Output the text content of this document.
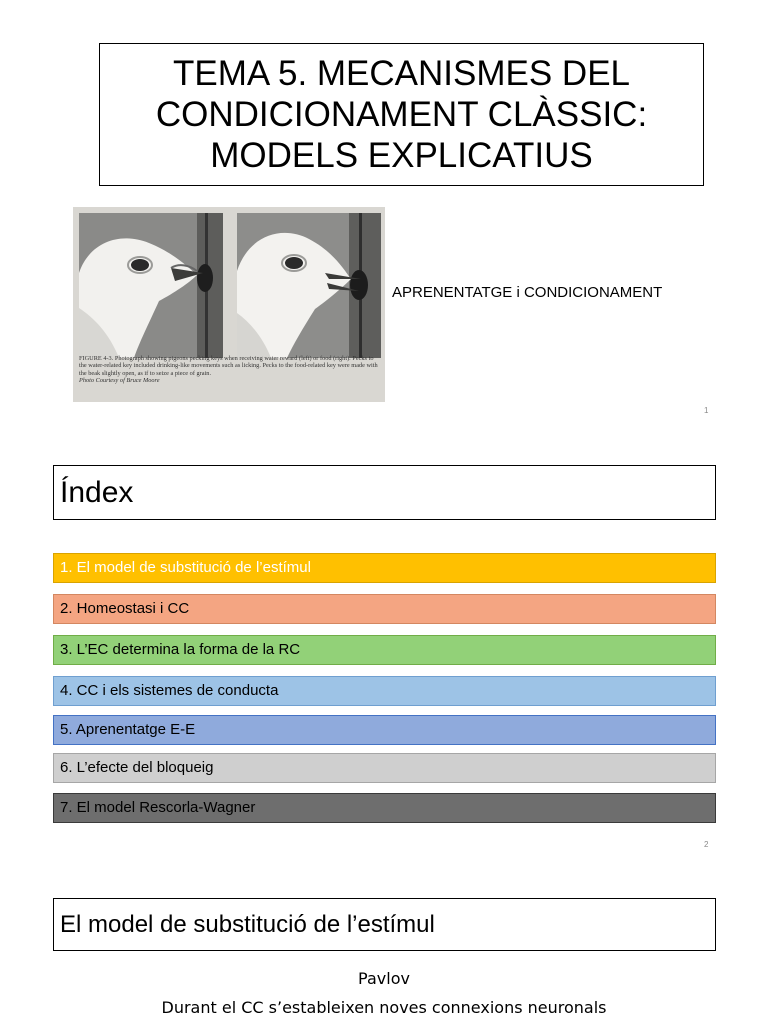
TEMA 5. MECANISMES DEL CONDICIONAMENT CLÀSSIC: MODELS EXPLICATIUS
FIGURE 4-3. Photograph showing pigeons pecking keys when receiving water reward (left) or food (right). Pecks to the water-related key included drinking-like movements such as licking. Pecks to the food-related key were made with the beak slightly open, as if to seize a piece of grain.
Photo Courtesy of Bruce Moore
APRENENTATGE i CONDICIONAMENT
1
Índex
1. El model de substitució de l’estímul
2. Homeostasi i CC
3. L’EC determina la forma de la RC
4. CC i els sistemes de conducta
5. Aprenentatge E-E
6. L’efecte del bloqueig
7. El model Rescorla-Wagner
2
El model de substitució de l’estímul
Pavlov
Durant el CC s’estableixen noves connexions neuronals
